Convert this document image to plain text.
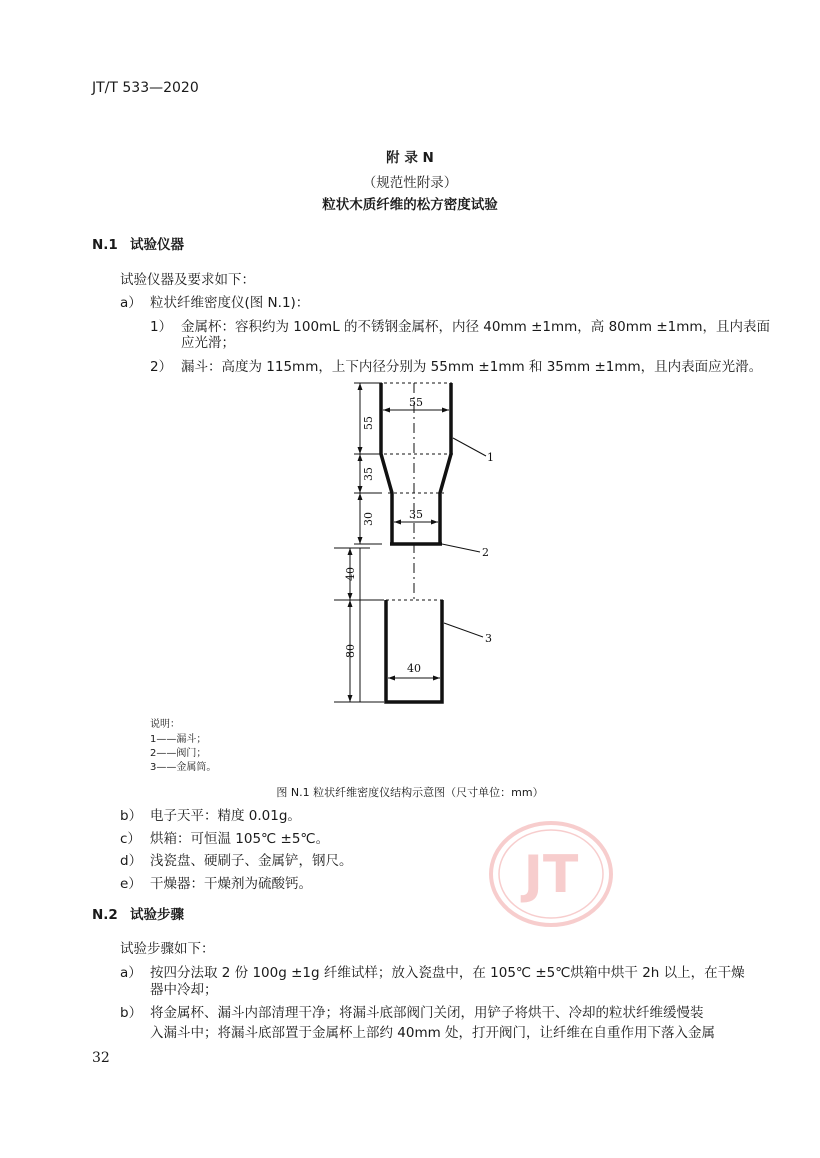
JT/T 533—2020
附 录 N
（规范性附录）
粒状木质纤维的松方密度试验
N.1 试验仪器
试验仪器及要求如下：
a） 粒状纤维密度仪(图 N.1)：
1） 金属杯：容积约为 100mL 的不锈钢金属杯，内径 40mm ±1mm，高 80mm ±1mm，且内表面
应光滑；
2） 漏斗：高度为 115mm，上下内径分别为 55mm ±1mm 和 35mm ±1mm，且内表面应光滑。
55
35
30
40
80
55
35
40
1
2
3
说明：
1——漏斗；
2——阀门；
3——金属筒。
图 N.1 粒状纤维密度仪结构示意图（尺寸单位：mm）
b） 电子天平：精度 0.01g。
c） 烘箱：可恒温 105℃ ±5℃。
d） 浅瓷盘、硬刷子、金属铲，钢尺。
e） 干燥器：干燥剂为硫酸钙。	JT
N.2 试验步骤
试验步骤如下：
a） 按四分法取 2 份 100g ±1g 纤维试样；放入瓷盘中，在 105℃ ±5℃烘箱中烘干 2h 以上，在干燥
器中冷却；
b） 将金属杯、漏斗内部清理干净；将漏斗底部阀门关闭，用铲子将烘干、冷却的粒状纤维缓慢装
入漏斗中；将漏斗底部置于金属杯上部约 40mm 处，打开阀门，让纤维在自重作用下落入金属
32
